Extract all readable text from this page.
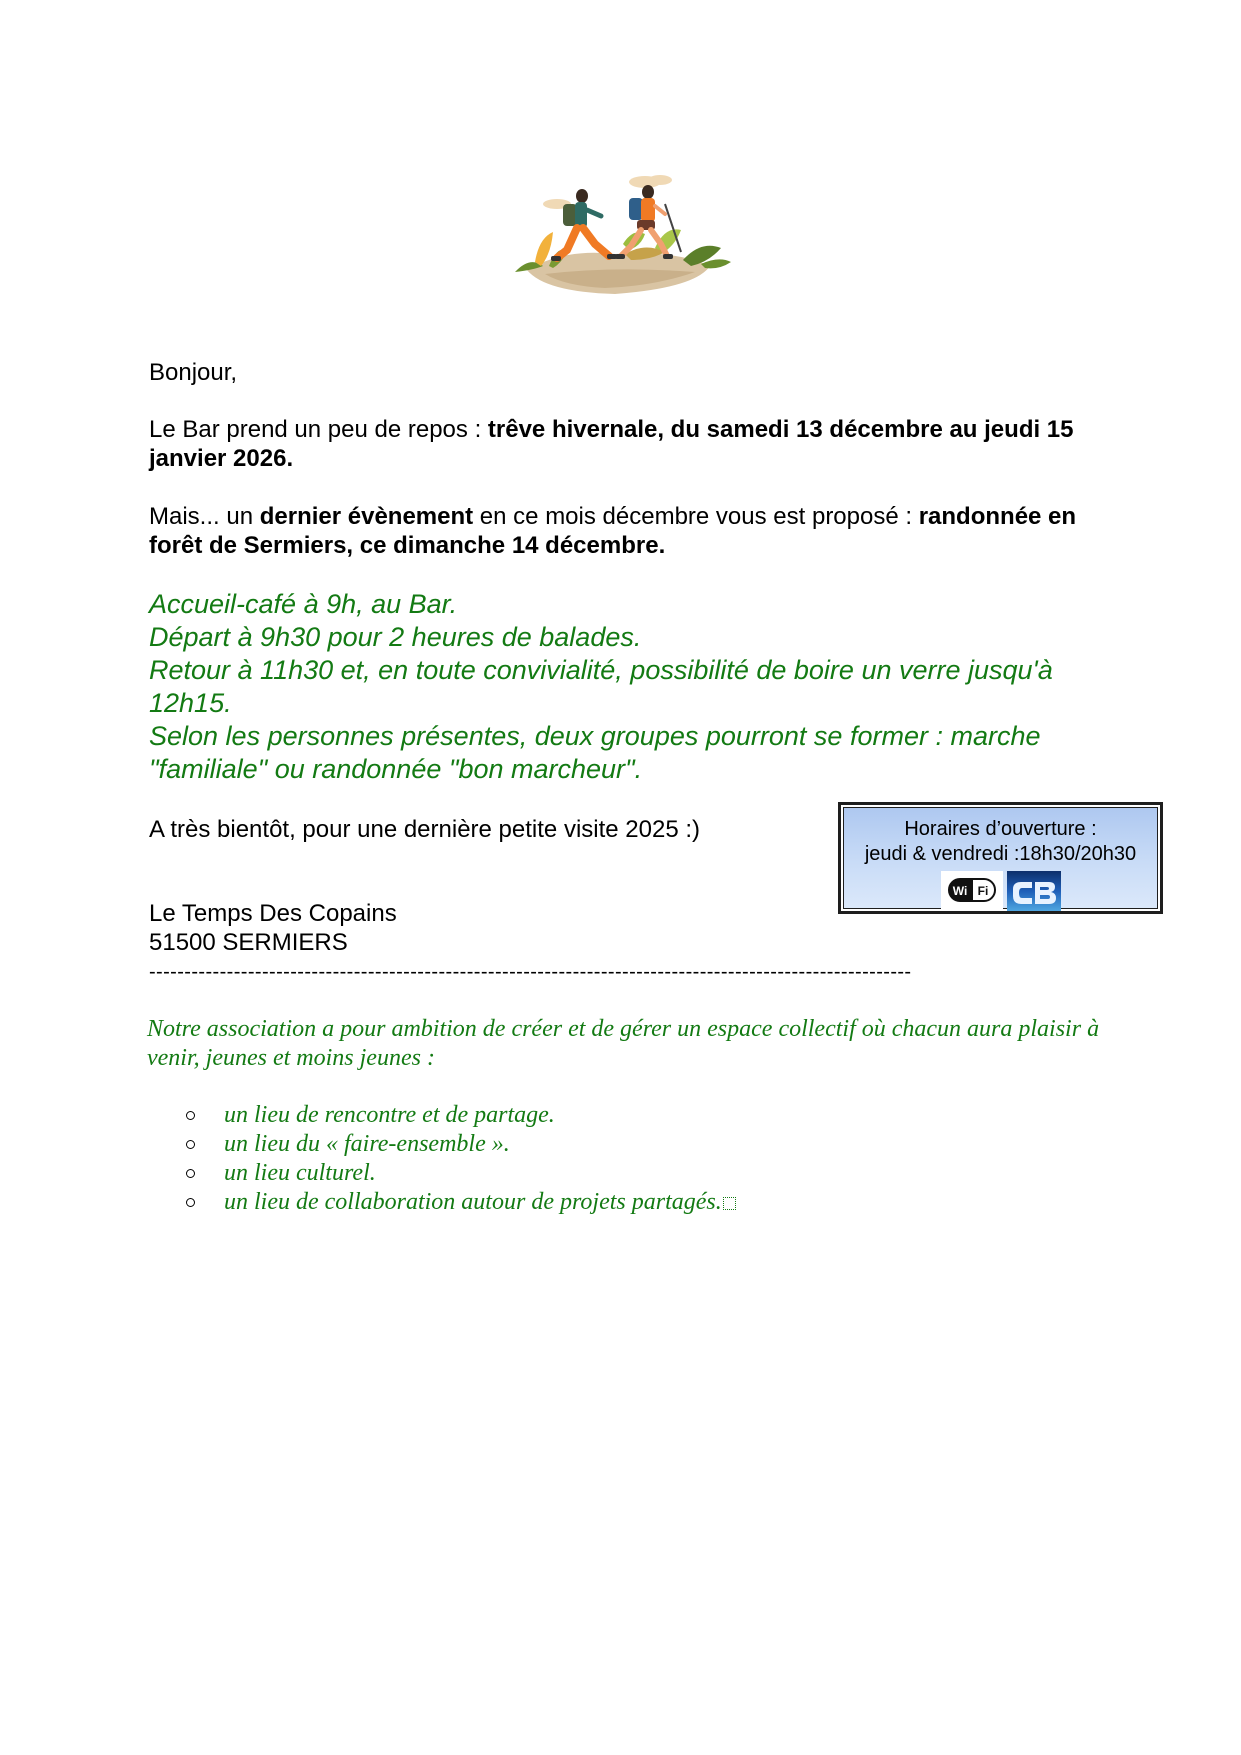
Bonjour,

Le Bar prend un peu de repos : trêve hivernale, du samedi 13 décembre au jeudi 15 janvier 2026.

Mais... un dernier évènement en ce mois décembre vous est proposé : randonnée en forêt de Sermiers, ce dimanche 14 décembre.

Accueil-café à 9h, au Bar.
Départ à 9h30 pour 2 heures de balades.
Retour à 11h30 et, en toute convivialité, possibilité de boire un verre jusqu'à 12h15.
Selon les personnes présentes, deux groupes pourront se former : marche "familiale" ou randonnée "bon marcheur".

A très bientôt, pour une dernière petite visite 2025 :)

Le Temps Des Copains
51500 SERMIERS
Horaires d’ouverture :
jeudi & vendredi :18h30/20h30
Wi Fi
------------------------------------------------------------------------------------------------------------

Notre association a pour ambition de créer et de gérer un espace collectif où chacun aura plaisir à venir, jeunes et moins jeunes :

un lieu de rencontre et de partage.
un lieu du « faire-ensemble ».
un lieu culturel.
un lieu de collaboration autour de projets partagés.
